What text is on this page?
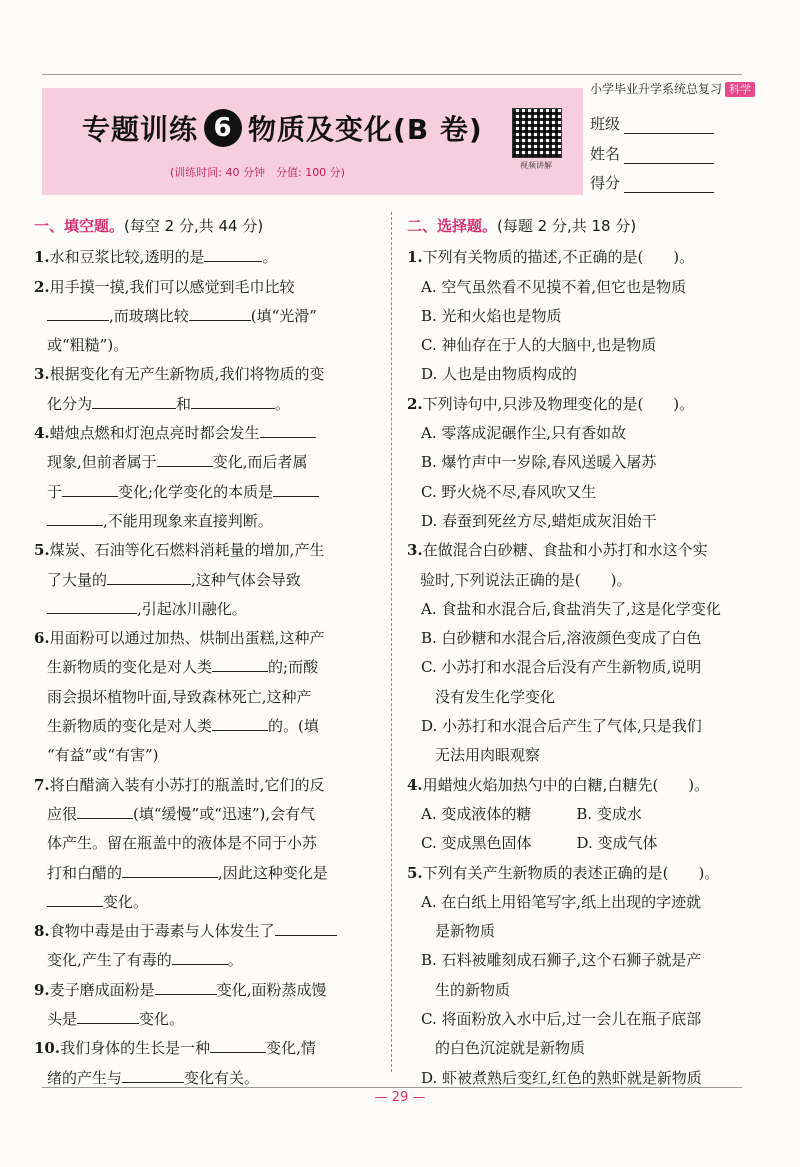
小学毕业升学系统总复习 科学
专题训练 6 物质及变化(B 卷)
(训练时间: 40 分钟　分值: 100 分)
视频讲解
班级
姓名
得分
一、填空题。(每空 2 分,共 44 分)
1.水和豆浆比较,透明的是	。
2.用手摸一摸,我们可以感觉到毛巾比较
,而玻璃比较	(填“光滑”
或“粗糙”)。
3.根据变化有无产生新物质,我们将物质的变
化分为	和	。
4.蜡烛点燃和灯泡点亮时都会发生
现象,但前者属于	变化,而后者属
于	变化;化学变化的本质是
,不能用现象来直接判断。
5.煤炭、石油等化石燃料消耗量的增加,产生
了大量的	,这种气体会导致
,引起冰川融化。
6.用面粉可以通过加热、烘制出蛋糕,这种产
生新物质的变化是对人类	的;而酸
雨会损坏植物叶面,导致森林死亡,这种产
生新物质的变化是对人类	的。(填
“有益”或“有害”)
7.将白醋滴入装有小苏打的瓶盖时,它们的反
应很	(填“缓慢”或“迅速”),会有气
体产生。留在瓶盖中的液体是不同于小苏
打和白醋的	,因此这种变化是
变化。
8.食物中毒是由于毒素与人体发生了
变化,产生了有毒的	。
9.麦子磨成面粉是	变化,面粉蒸成馒
头是	变化。
10.我们身体的生长是一种	变化,情
绪的产生与	变化有关。
二、选择题。(每题 2 分,共 18 分)
1.下列有关物质的描述,不正确的是(　　)。
A. 空气虽然看不见摸不着,但它也是物质
B. 光和火焰也是物质
C. 神仙存在于人的大脑中,也是物质
D. 人也是由物质构成的
2.下列诗句中,只涉及物理变化的是(　　)。
A. 零落成泥碾作尘,只有香如故
B. 爆竹声中一岁除,春风送暖入屠苏
C. 野火烧不尽,春风吹又生
D. 春蚕到死丝方尽,蜡炬成灰泪始干
3.在做混合白砂糖、食盐和小苏打和水这个实
验时,下列说法正确的是(　　)。
A. 食盐和水混合后,食盐消失了,这是化学变化
B. 白砂糖和水混合后,溶液颜色变成了白色
C. 小苏打和水混合后没有产生新物质,说明
没有发生化学变化
D. 小苏打和水混合后产生了气体,只是我们
无法用肉眼观察
4.用蜡烛火焰加热勺中的白糖,白糖先(　　)。
A. 变成液体的糖　　　B. 变成水
C. 变成黑色固体　　　D. 变成气体
5.下列有关产生新物质的表述正确的是(　　)。
A. 在白纸上用铅笔写字,纸上出现的字迹就
是新物质
B. 石料被雕刻成石狮子,这个石狮子就是产
生的新物质
C. 将面粉放入水中后,过一会儿在瓶子底部
的白色沉淀就是新物质
D. 虾被煮熟后变红,红色的熟虾就是新物质
— 29 —
